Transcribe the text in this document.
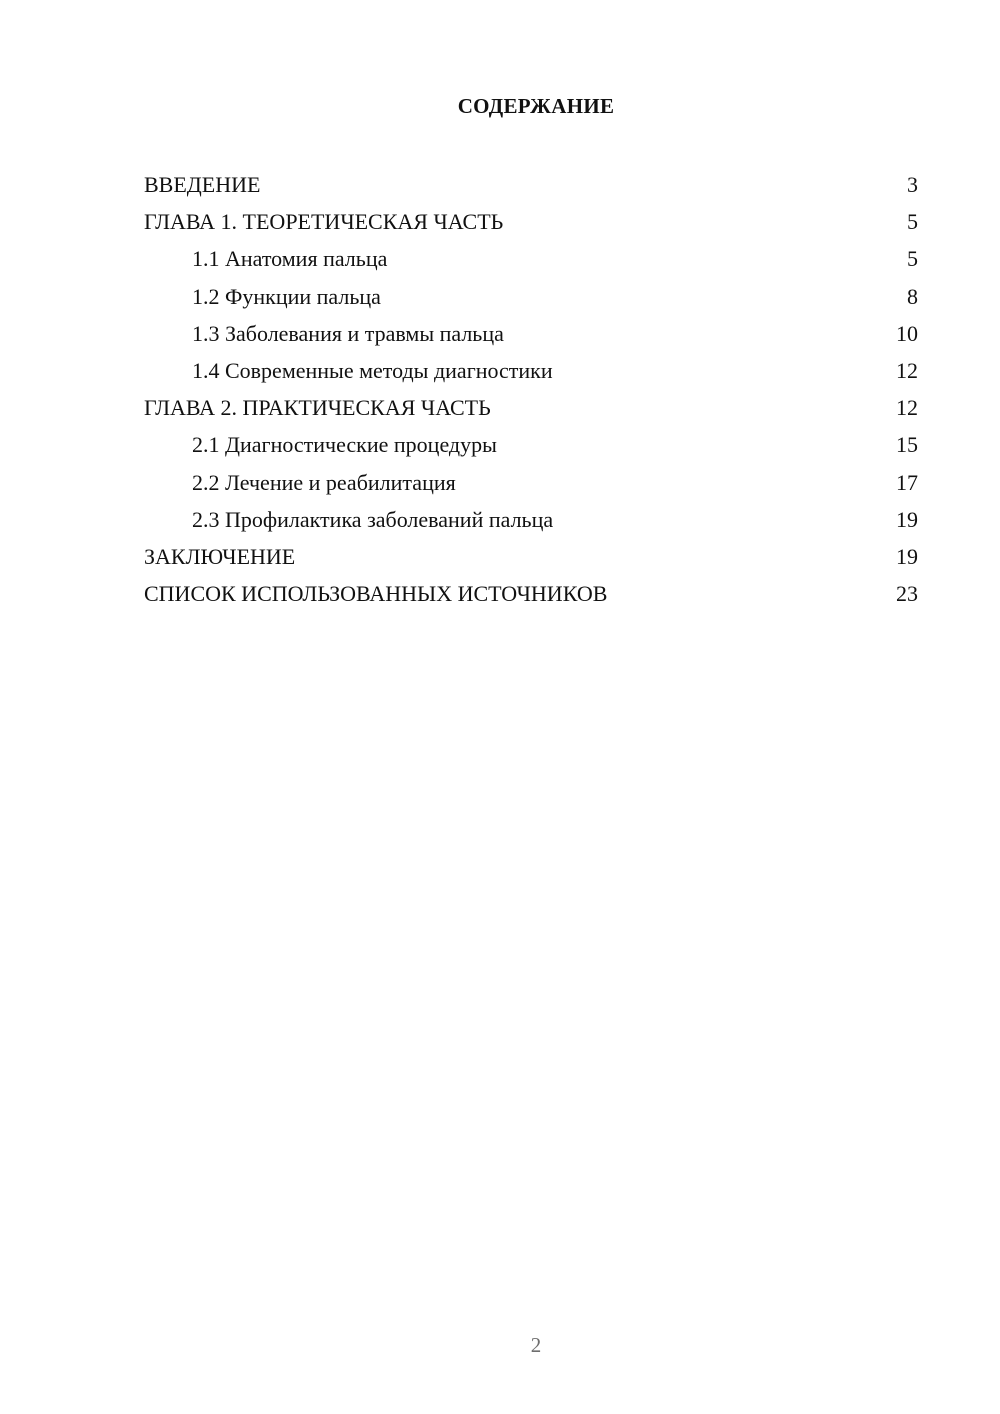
СОДЕРЖАНИЕ
ВВЕДЕНИЕ	3
ГЛАВА 1. ТЕОРЕТИЧЕСКАЯ ЧАСТЬ	5
1.1 Анатомия пальца	5
1.2 Функции пальца	8
1.3 Заболевания и травмы пальца	10
1.4 Современные методы диагностики	12
ГЛАВА 2. ПРАКТИЧЕСКАЯ ЧАСТЬ	12
2.1 Диагностические процедуры	15
2.2 Лечение и реабилитация	17
2.3 Профилактика заболеваний пальца	19
ЗАКЛЮЧЕНИЕ	19
СПИСОК ИСПОЛЬЗОВАННЫХ ИСТОЧНИКОВ	23
2
